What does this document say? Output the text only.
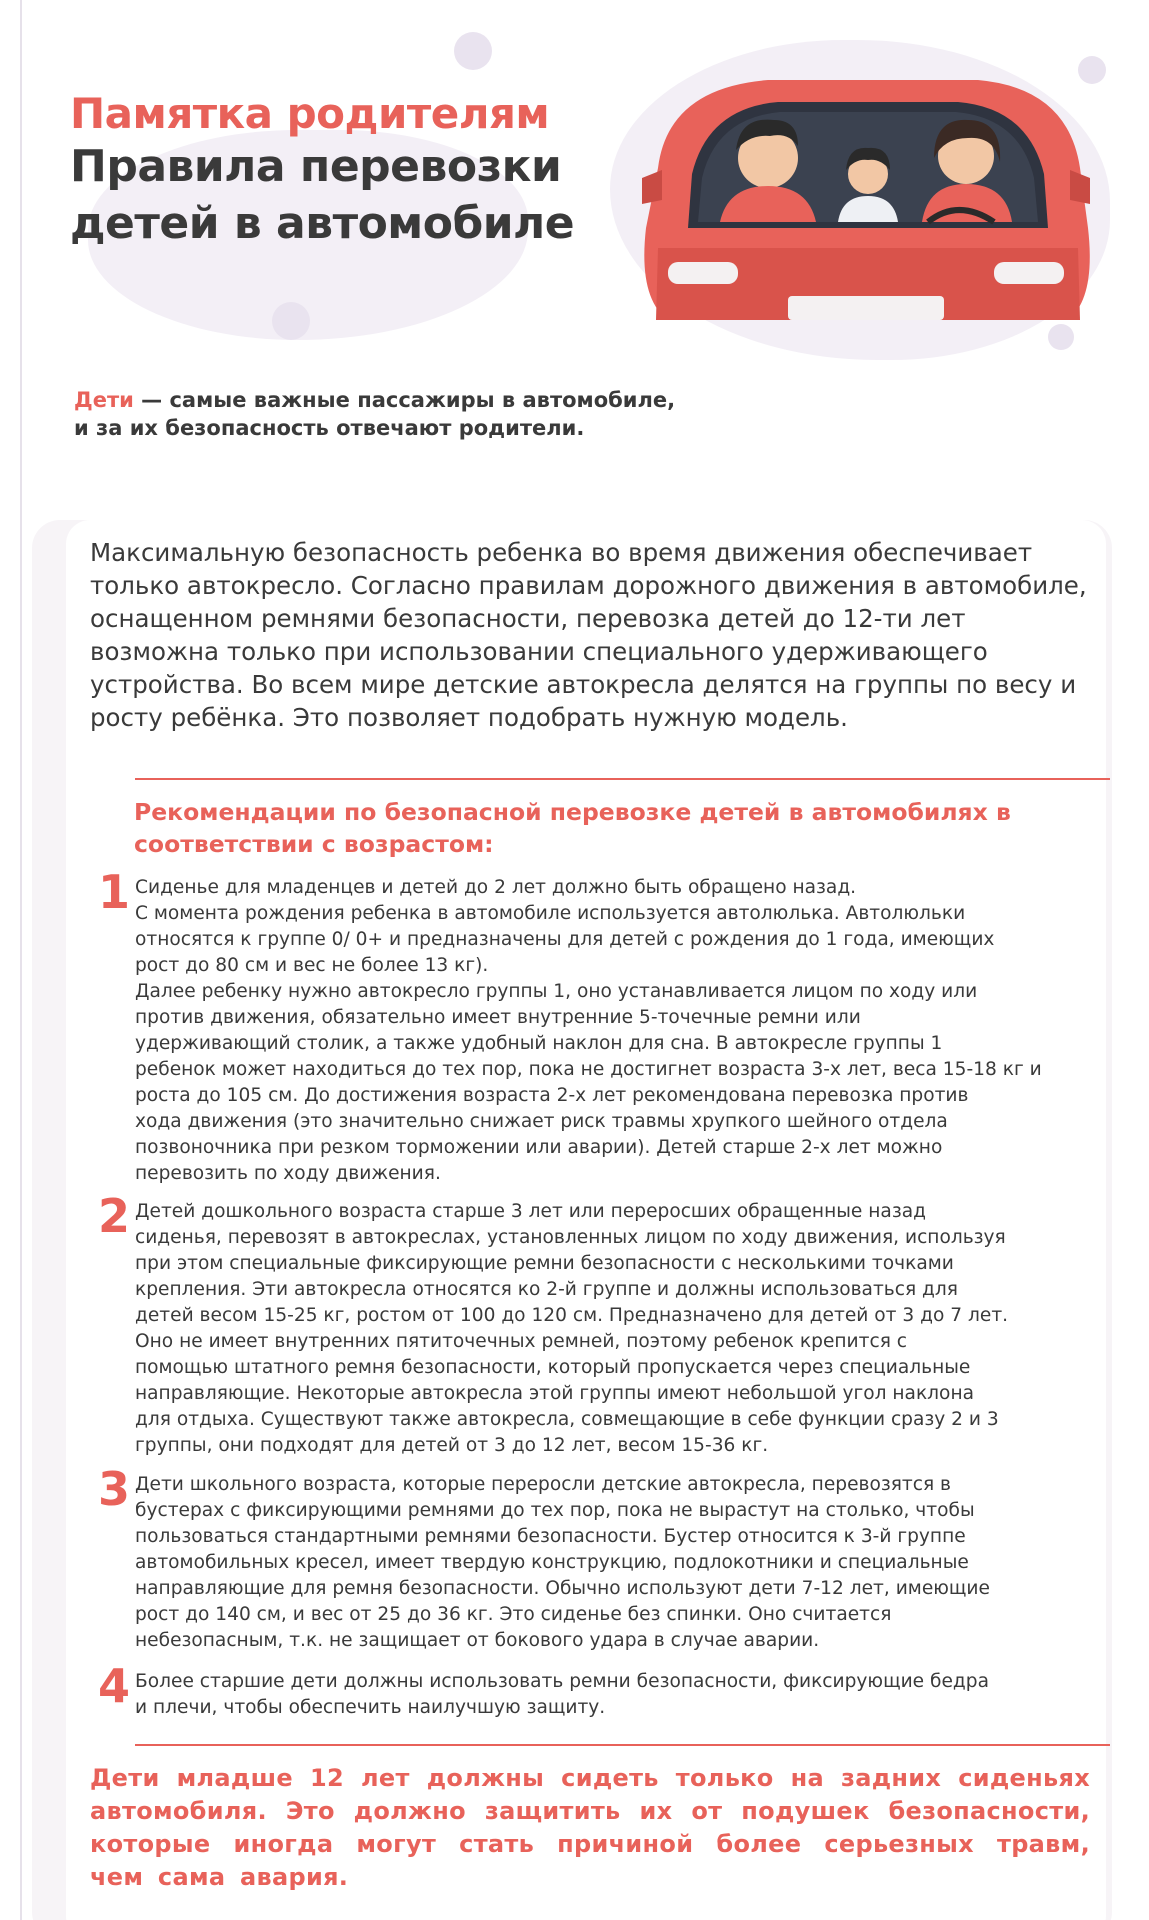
Памятка родителям
Правила перевозки
детей в автомобиле
Дети — самые важные пассажиры в автомобиле,
и за их безопасность отвечают родители.
Максимальную безопасность ребенка во время движения обеспечивает только автокресло. Согласно правилам дорожного движения в автомобиле, оснащенном ремнями безопасности, перевозка детей до 12-ти лет возможна только при использовании специального удерживающего устройства. Во всем мире детские автокресла делятся на группы по весу и росту ребёнка. Это позволяет подобрать нужную модель.
Рекомендации по безопасной перевозке детей в автомобилях в соответствии с возрастом:
1 Сиденье для младенцев и детей до 2 лет должно быть обращено назад.
С момента рождения ребенка в автомобиле используется автолюлька. Автолюльки
относятся к группе 0/ 0+ и предназначены для детей с рождения до 1 года, имеющих
рост до 80 см и вес не более 13 кг).
Далее ребенку нужно автокресло группы 1, оно устанавливается лицом по ходу или
против движения, обязательно имеет внутренние 5-точечные ремни или
удерживающий столик, а также удобный наклон для сна. В автокресле группы 1
ребенок может находиться до тех пор, пока не достигнет возраста 3-х лет, веса 15-18 кг и
роста до 105 см. До достижения возраста 2-х лет рекомендована перевозка против
хода движения (это значительно снижает риск травмы хрупкого шейного отдела
позвоночника при резком торможении или аварии). Детей старше 2-х лет можно
перевозить по ходу движения.
2 Детей дошкольного возраста старше 3 лет или переросших обращенные назад
сиденья, перевозят в автокреслах, установленных лицом по ходу движения, используя
при этом специальные фиксирующие ремни безопасности с несколькими точками
крепления. Эти автокресла относятся ко 2-й группе и должны использоваться для
детей весом 15-25 кг, ростом от 100 до 120 см. Предназначено для детей от 3 до 7 лет.
Оно не имеет внутренних пятиточечных ремней, поэтому ребенок крепится с
помощью штатного ремня безопасности, который пропускается через специальные
направляющие. Некоторые автокресла этой группы имеют небольшой угол наклона
для отдыха. Существуют также автокресла, совмещающие в себе функции сразу 2 и 3
группы, они подходят для детей от 3 до 12 лет, весом 15-36 кг.
3 Дети школьного возраста, которые переросли детские автокресла, перевозятся в
бустерах с фиксирующими ремнями до тех пор, пока не вырастут на столько, чтобы
пользоваться стандартными ремнями безопасности. Бустер относится к 3-й группе
автомобильных кресел, имеет твердую конструкцию, подлокотники и специальные
направляющие для ремня безопасности. Обычно используют дети 7-12 лет, имеющие
рост до 140 см, и вес от 25 до 36 кг. Это сиденье без спинки. Оно считается
небезопасным, т.к. не защищает от бокового удара в случае аварии.
4 Более старшие дети должны использовать ремни безопасности, фиксирующие бедра
и плечи, чтобы обеспечить наилучшую защиту.
Дети младше 12 лет должны сидеть только на задних сиденьях автомобиля. Это должно защитить их от подушек безопасности, которые иногда могут стать причиной более серьезных травм, чем сама авария.
